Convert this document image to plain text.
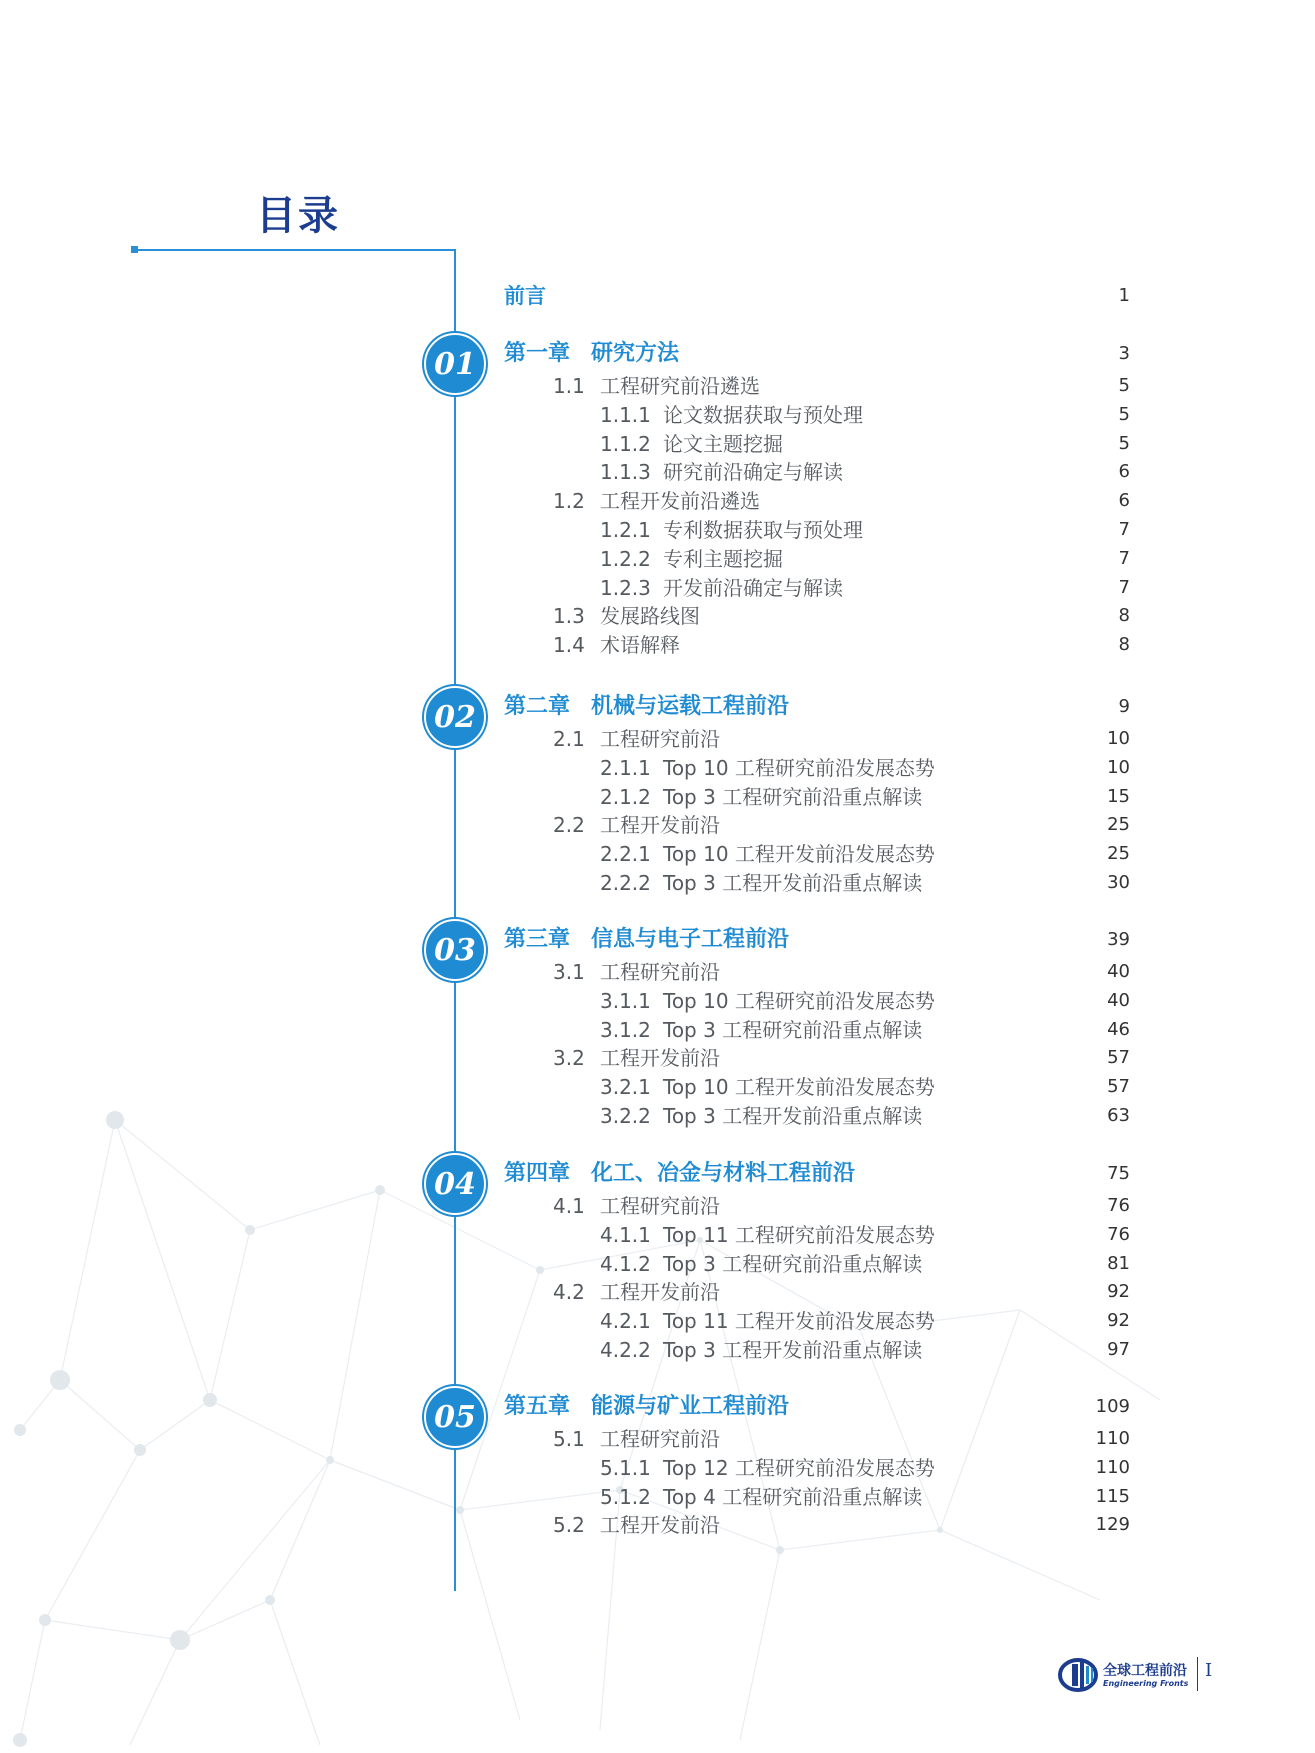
目录
前言	1
01	第一章 研究方法	3
1.1 工程研究前沿遴选	5
1.1.1 论文数据获取与预处理	5
1.1.2 论文主题挖掘	5
1.1.3 研究前沿确定与解读	6
1.2 工程开发前沿遴选	6
1.2.1 专利数据获取与预处理	7
1.2.2 专利主题挖掘	7
1.2.3 开发前沿确定与解读	7
1.3 发展路线图	8
1.4 术语解释	8
02	第二章 机械与运载工程前沿	9
2.1 工程研究前沿	10
2.1.1 Top 10 工程研究前沿发展态势	10
2.1.2 Top 3 工程研究前沿重点解读	15
2.2 工程开发前沿	25
2.2.1 Top 10 工程开发前沿发展态势	25
2.2.2 Top 3 工程开发前沿重点解读	30
03	第三章 信息与电子工程前沿	39
3.1 工程研究前沿	40
3.1.1 Top 10 工程研究前沿发展态势	40
3.1.2 Top 3 工程研究前沿重点解读	46
3.2 工程开发前沿	57
3.2.1 Top 10 工程开发前沿发展态势	57
3.2.2 Top 3 工程开发前沿重点解读	63
04	第四章 化工、冶金与材料工程前沿	75
4.1 工程研究前沿	76
4.1.1 Top 11 工程研究前沿发展态势	76
4.1.2 Top 3 工程研究前沿重点解读	81
4.2 工程开发前沿	92
4.2.1 Top 11 工程开发前沿发展态势	92
4.2.2 Top 3 工程开发前沿重点解读	97
05	第五章 能源与矿业工程前沿	109
5.1 工程研究前沿	110
5.1.1 Top 12 工程研究前沿发展态势	110
5.1.2 Top 4 工程研究前沿重点解读	115
5.2 工程开发前沿	129
全球工程前沿
Engineering Fronts
I
